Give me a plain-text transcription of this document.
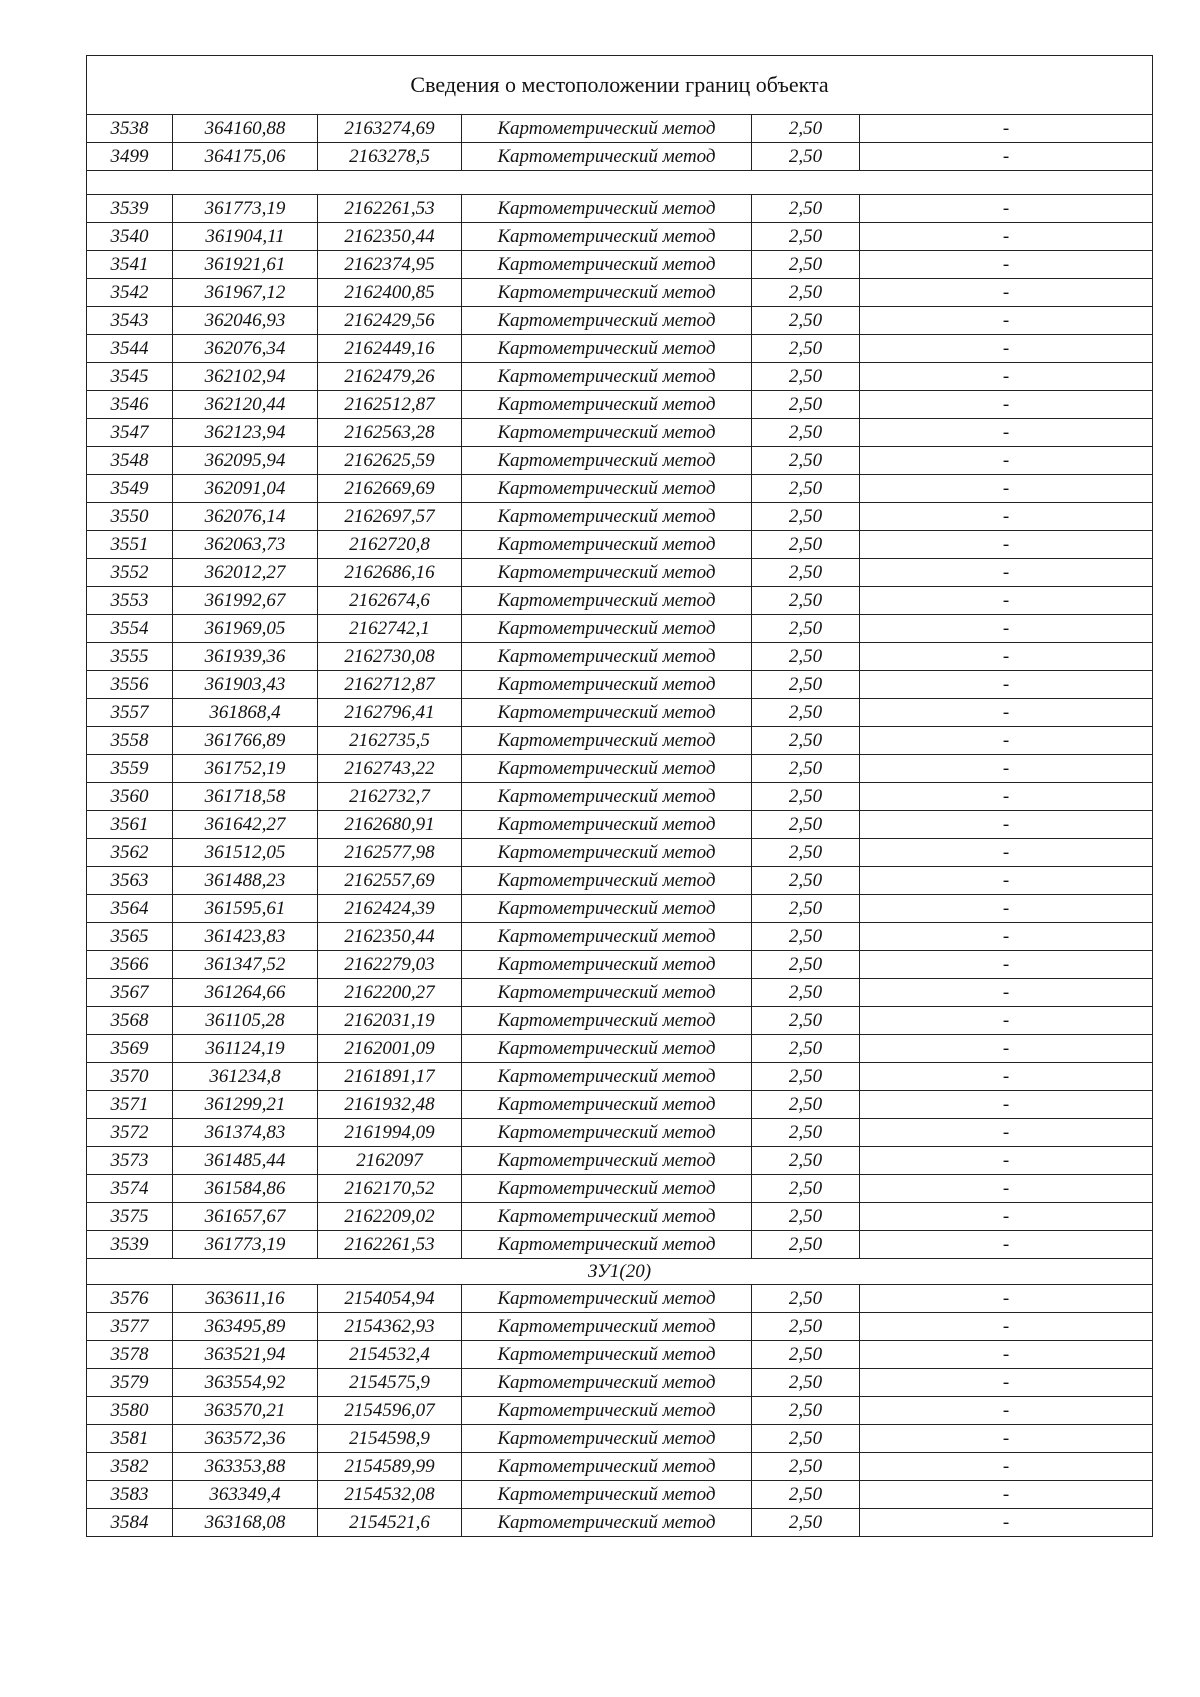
Сведения о местоположении границ объекта					
3538	364160,88	2163274,69	Картометрический метод	2,50	-
3499	364175,06	2163278,5	Картометрический метод	2,50	-

3539	361773,19	2162261,53	Картометрический метод	2,50	-
3540	361904,11	2162350,44	Картометрический метод	2,50	-
3541	361921,61	2162374,95	Картометрический метод	2,50	-
3542	361967,12	2162400,85	Картометрический метод	2,50	-
3543	362046,93	2162429,56	Картометрический метод	2,50	-
3544	362076,34	2162449,16	Картометрический метод	2,50	-
3545	362102,94	2162479,26	Картометрический метод	2,50	-
3546	362120,44	2162512,87	Картометрический метод	2,50	-
3547	362123,94	2162563,28	Картометрический метод	2,50	-
3548	362095,94	2162625,59	Картометрический метод	2,50	-
3549	362091,04	2162669,69	Картометрический метод	2,50	-
3550	362076,14	2162697,57	Картометрический метод	2,50	-
3551	362063,73	2162720,8	Картометрический метод	2,50	-
3552	362012,27	2162686,16	Картометрический метод	2,50	-
3553	361992,67	2162674,6	Картометрический метод	2,50	-
3554	361969,05	2162742,1	Картометрический метод	2,50	-
3555	361939,36	2162730,08	Картометрический метод	2,50	-
3556	361903,43	2162712,87	Картометрический метод	2,50	-
3557	361868,4	2162796,41	Картометрический метод	2,50	-
3558	361766,89	2162735,5	Картометрический метод	2,50	-
3559	361752,19	2162743,22	Картометрический метод	2,50	-
3560	361718,58	2162732,7	Картометрический метод	2,50	-
3561	361642,27	2162680,91	Картометрический метод	2,50	-
3562	361512,05	2162577,98	Картометрический метод	2,50	-
3563	361488,23	2162557,69	Картометрический метод	2,50	-
3564	361595,61	2162424,39	Картометрический метод	2,50	-
3565	361423,83	2162350,44	Картометрический метод	2,50	-
3566	361347,52	2162279,03	Картометрический метод	2,50	-
3567	361264,66	2162200,27	Картометрический метод	2,50	-
3568	361105,28	2162031,19	Картометрический метод	2,50	-
3569	361124,19	2162001,09	Картометрический метод	2,50	-
3570	361234,8	2161891,17	Картометрический метод	2,50	-
3571	361299,21	2161932,48	Картометрический метод	2,50	-
3572	361374,83	2161994,09	Картометрический метод	2,50	-
3573	361485,44	2162097	Картометрический метод	2,50	-
3574	361584,86	2162170,52	Картометрический метод	2,50	-
3575	361657,67	2162209,02	Картометрический метод	2,50	-
3539	361773,19	2162261,53	Картометрический метод	2,50	-
ЗУ1(20)					
3576	363611,16	2154054,94	Картометрический метод	2,50	-
3577	363495,89	2154362,93	Картометрический метод	2,50	-
3578	363521,94	2154532,4	Картометрический метод	2,50	-
3579	363554,92	2154575,9	Картометрический метод	2,50	-
3580	363570,21	2154596,07	Картометрический метод	2,50	-
3581	363572,36	2154598,9	Картометрический метод	2,50	-
3582	363353,88	2154589,99	Картометрический метод	2,50	-
3583	363349,4	2154532,08	Картометрический метод	2,50	-
3584	363168,08	2154521,6	Картометрический метод	2,50	-
